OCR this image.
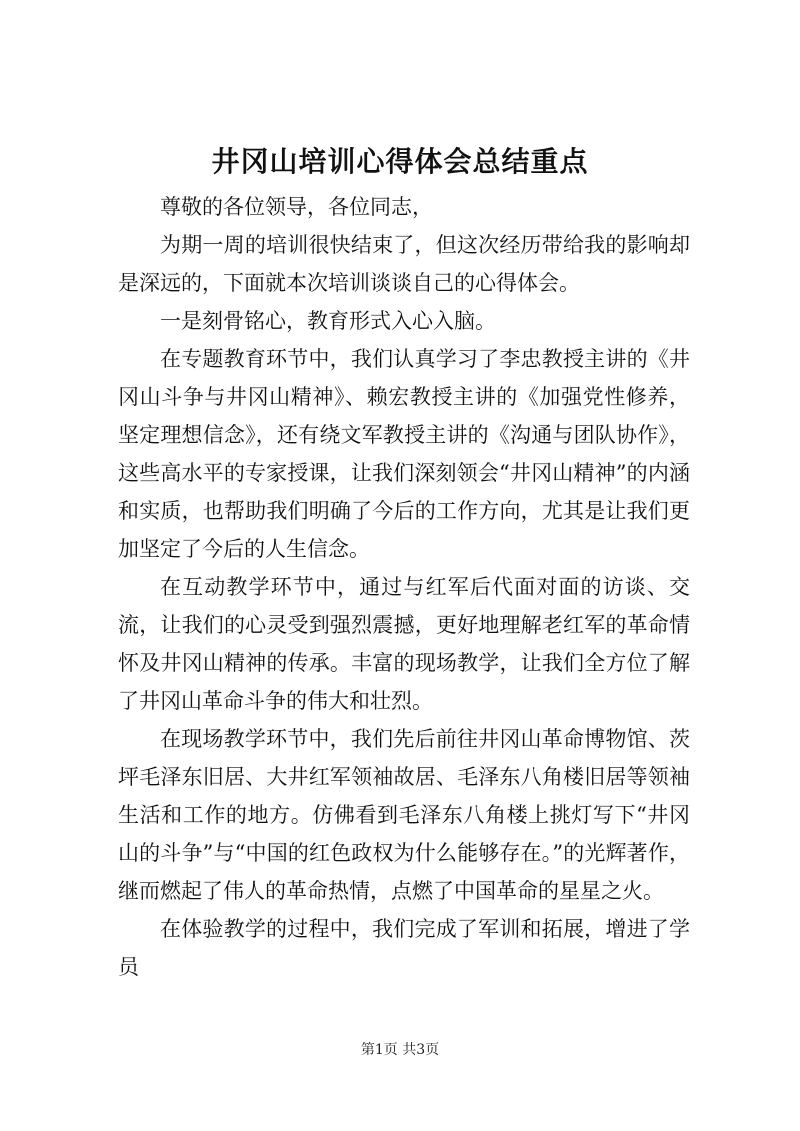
井冈山培训心得体会总结重点

尊敬的各位领导，各位同志，

为期一周的培训很快结束了，但这次经历带给我的影响却是深远的，下面就本次培训谈谈自己的心得体会。

一是刻骨铭心，教育形式入心入脑。

在专题教育环节中，我们认真学习了李忠教授主讲的《井冈山斗争与井冈山精神》、赖宏教授主讲的《加强党性修养，坚定理想信念》，还有绕文军教授主讲的《沟通与团队协作》，这些高水平的专家授课，让我们深刻领会“井冈山精神”的内涵和实质，也帮助我们明确了今后的工作方向，尤其是让我们更加坚定了今后的人生信念。

在互动教学环节中，通过与红军后代面对面的访谈、交流，让我们的心灵受到强烈震撼，更好地理解老红军的革命情怀及井冈山精神的传承。丰富的现场教学，让我们全方位了解了井冈山革命斗争的伟大和壮烈。

在现场教学环节中，我们先后前往井冈山革命博物馆、茨坪毛泽东旧居、大井红军领袖故居、毛泽东八角楼旧居等领袖生活和工作的地方。仿佛看到毛泽东八角楼上挑灯写下“井冈山的斗争”与“中国的红色政权为什么能够存在。”的光辉著作，继而燃起了伟人的革命热情，点燃了中国革命的星星之火。

在体验教学的过程中，我们完成了军训和拓展，增进了学员

第1页 共3页
